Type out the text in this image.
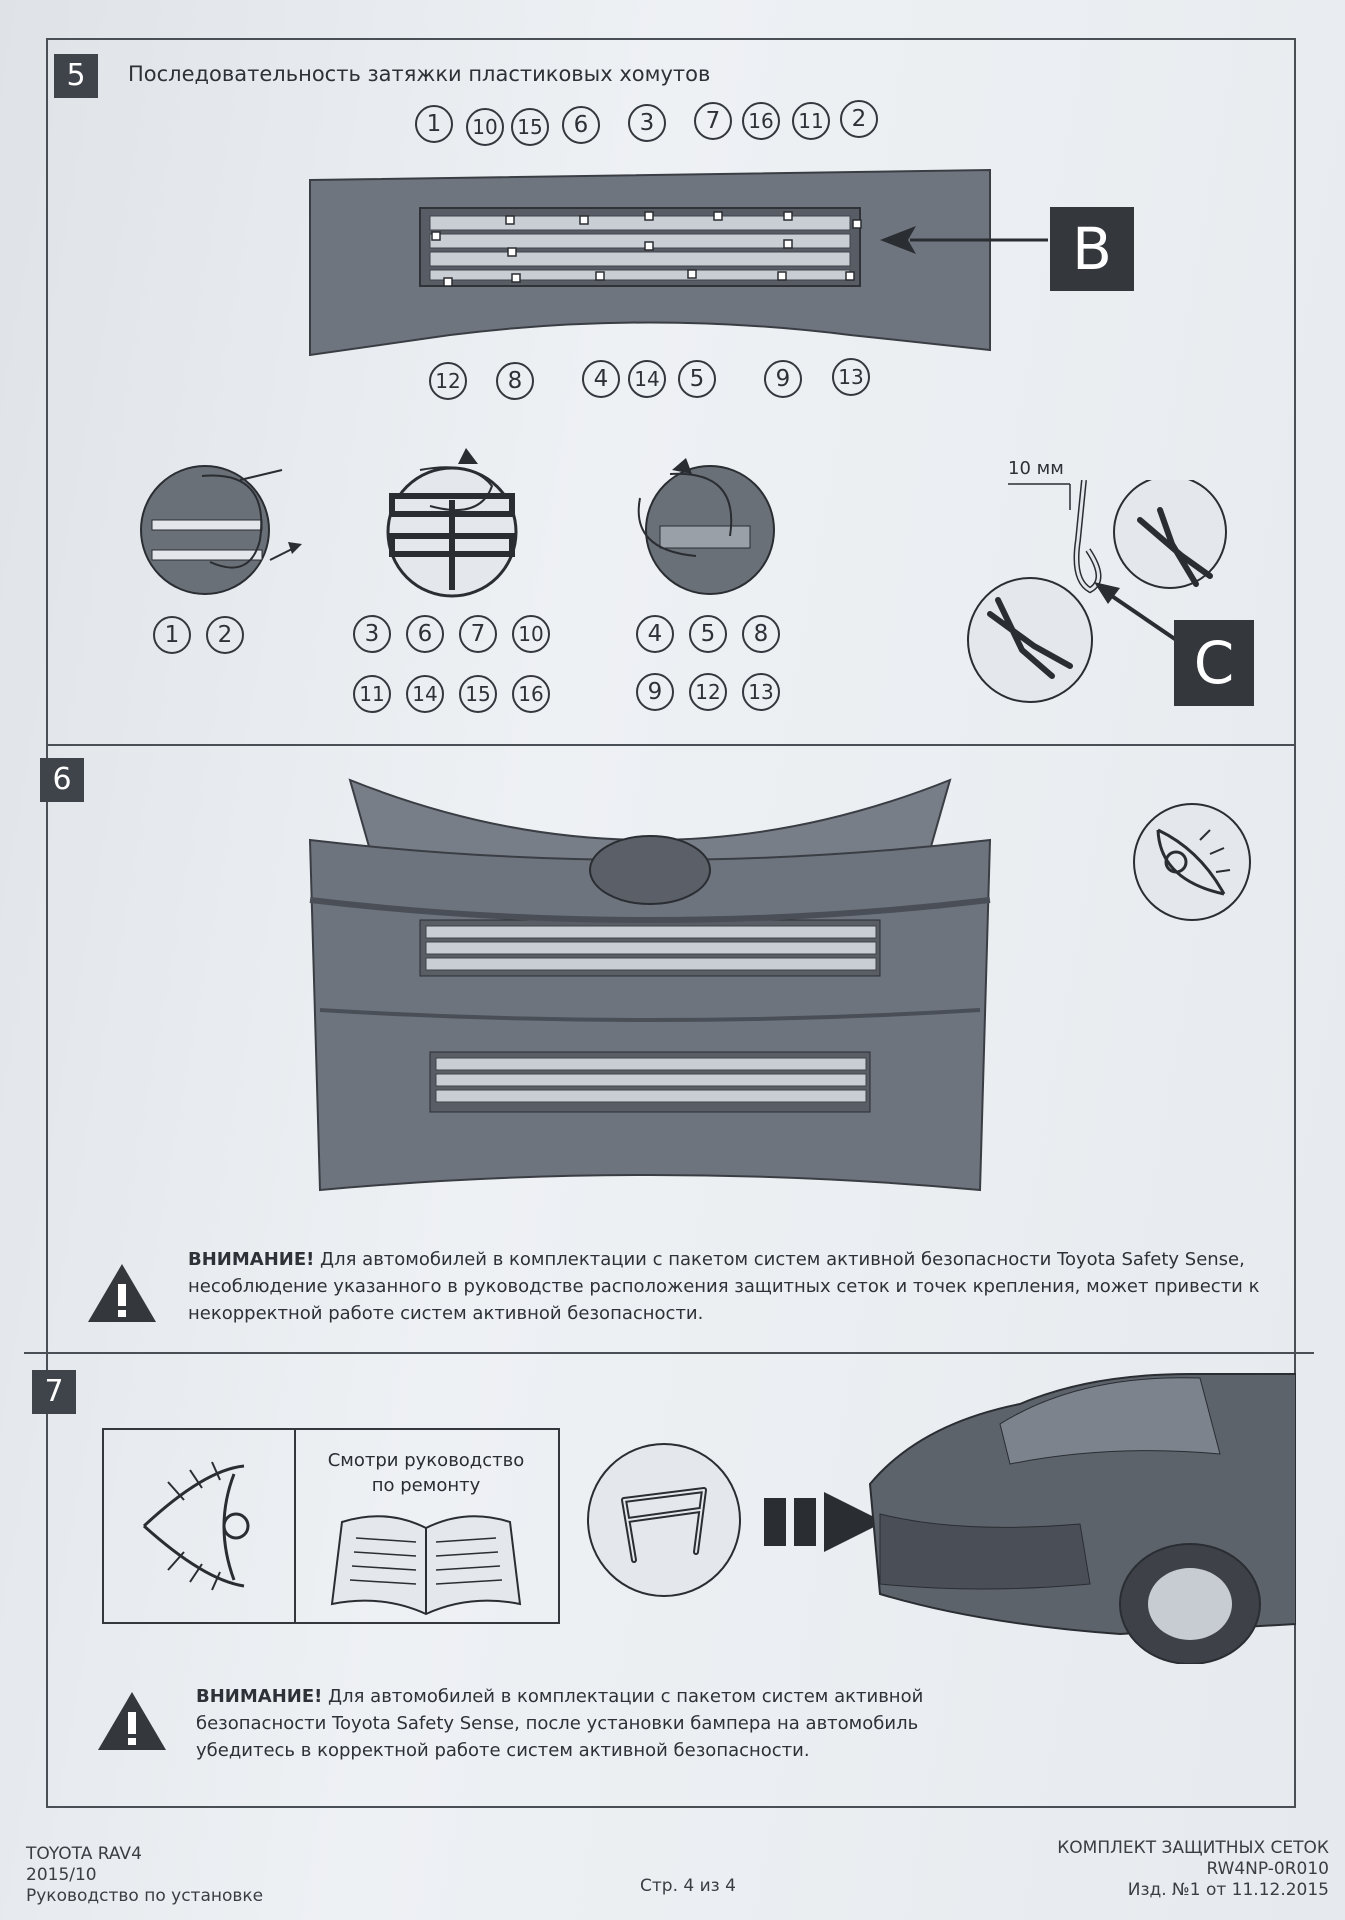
5	Последовательность затяжки пластиковых хомутов
1	10 15	6	3	7	16	11	2
12	8	4	14	5	9	13
B
1	2	3	6	7	10
11	14	15	16
4	5	8
9	12	13
10 мм
C
6
ВНИМАНИЕ! Для автомобилей в комплектации с пакетом систем активной безопасности Toyota Safety Sense,
несоблюдение указанного в руководстве расположения защитных сеток и точек крепления, может привести к
некорректной работе систем активной безопасности.
7
Смотри руководство
по ремонту
ВНИМАНИЕ! Для автомобилей в комплектации с пакетом систем активной
безопасности Toyota Safety Sense, после установки бампера на автомобиль
убедитесь в корректной работе систем активной безопасности.
TOYOTA RAV4
2015/10
Руководство по установке	Стр. 4 из 4
КОМПЛЕКТ ЗАЩИТНЫХ СЕТОК
RW4NP-0R010
Изд. №1 от 11.12.2015
